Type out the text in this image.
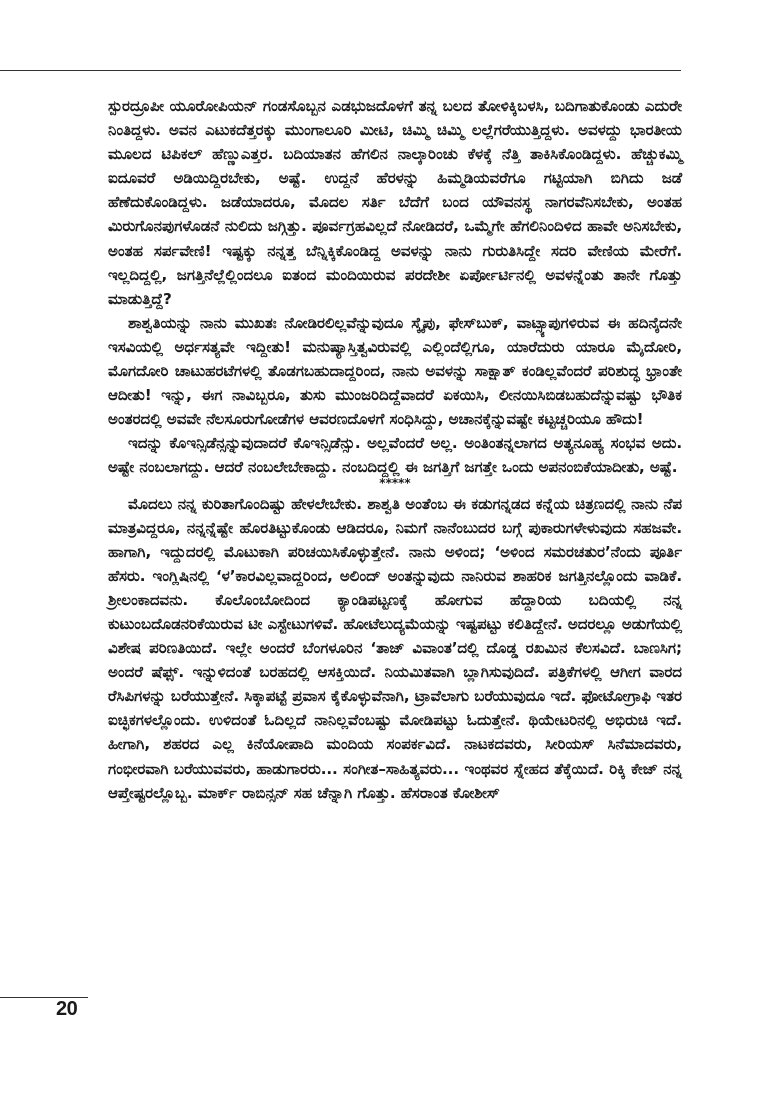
ಸ್ಪುರದ್ರೂಪೀ ಯೂರೋಪಿಯನ್ ಗಂಡಸೊಬ್ಬನ ಎಡಭುಜದೊಳಗೆ ತನ್ನ ಬಲದ ತೋಳಿಕ್ಕಿಬಳಸಿ, ಬದಿಗಾತುಕೊಂಡು ಎದುರೇ ನಿಂತಿದ್ದಳು. ಅವನ ಎಟುಕದೆತ್ತರಕ್ಕು ಮುಂಗಾಲೂರಿ ಮೀಟಿ, ಚಿಮ್ಮಿ ಚಿಮ್ಮಿ ಲಲ್ಲೆಗರೆಯುತ್ತಿದ್ದಳು. ಅವಳದ್ದು ಭಾರತೀಯ ಮೂಲದ ಟಿಪಿಕಲ್ ಹೆಣ್ಣುಎತ್ತರ. ಬದಿಯಾತನ ಹೆಗಲಿನ ನಾಲ್ಕಾರಿಂಚು ಕೆಳಕ್ಕೆ ನೆತ್ತಿ ತಾಕಿಸಿಕೊಂಡಿದ್ದಳು. ಹೆಚ್ಚುಕಮ್ಮಿ ಐದೂವರೆ ಅಡಿಯಿದ್ದಿರಬೇಕು, ಅಷ್ಟೆ. ಉದ್ದನೆ ಹೆರಳನ್ನು ಹಿಮ್ಮಡಿಯವರೆಗೂ ಗಟ್ಟಿಯಾಗಿ ಬಿಗಿದು ಜಡೆ ಹೆಣೆದುಕೊಂಡಿದ್ದಳು. ಜಡೆಯಾದರೂ, ಮೊದಲ ಸರ್ತಿ ಬೆದೆಗೆ ಬಂದ ಯೌವನಸ್ಥ ನಾಗರವೆನಿಸಬೇಕು, ಅಂತಹ ಮಿರುಗೊನಪುಗಳೊಡನೆ ನುಲಿದು ಜಗ್ಗಿತ್ತು. ಪೂರ್ವಗ್ರಹವಿಲ್ಲದೆ ನೋಡಿದರೆ, ಒಮ್ಮೆಗೇ ಹೆಗಲಿನಿಂದಿಳಿದ ಹಾವೇ ಅನಿಸಬೇಕು, ಅಂತಹ ಸರ್ಪವೇಣಿ! ಇಷ್ಟಕ್ಕು ನನ್ನತ್ತ ಬೆನ್ನಿಕ್ಕಿಕೊಂಡಿದ್ದ ಅವಳನ್ನು ನಾನು ಗುರುತಿಸಿದ್ದೇ ಸದರಿ ವೇಣಿಯ ಮೇರೆಗೆ. ಇಲ್ಲದಿದ್ದಲ್ಲಿ, ಜಗತ್ತಿನೆಲ್ಲೆಲ್ಲಿಂದಲೂ ಐತಂದ ಮಂದಿಯಿರುವ ಪರದೇಶೀ ಏರ್ಪೋರ್ಟಿನಲ್ಲಿ ಅವಳನ್ನೆಂತು ತಾನೇ ಗೊತ್ತು ಮಾಡುತ್ತಿದ್ದೆ?

ಶಾಶ್ವತಿಯನ್ನು ನಾನು ಮುಖತಃ ನೋಡಿರಲಿಲ್ಲವೆನ್ನುವುದೂ ಸ್ಕೈಪು, ಫೇಸ್‌ಬುಕ್, ವಾಟ್ಸ್ಯಾಪುಗಳಿರುವ ಈ ಹದಿನೈದನೇ ಇಸವಿಯಲ್ಲಿ ಅರ್ಧಸತ್ಯವೇ ಇದ್ದೀತು! ಮನುಷ್ಯಾಸ್ತಿತ್ವವಿರುವಲ್ಲಿ ಎಲ್ಲಿಂದೆಲ್ಲಿಗೂ, ಯಾರೆದುರು ಯಾರೂ ಮೈದೋರಿ, ಮೊಗದೋರಿ ಚಾಟುಹರಟೆಗಳಲ್ಲಿ ತೊಡಗಬಹುದಾದ್ದರಿಂದ, ನಾನು ಅವಳನ್ನು ಸಾಕ್ಷಾತ್ ಕಂಡಿಲ್ಲವೆಂದರೆ ಪರಿಶುದ್ಧ ಭ್ರಾಂತೇ ಆದೀತು! ಇನ್ನು, ಈಗ ನಾವಿಬ್ಬರೂ, ತುಸು ಮುಂಜರಿದಿದ್ದೆವಾದರೆ ಏಕಯಿಸಿ, ಲೀನಯಿಸಿಬಿಡಬಹುದೆನ್ನುವಷ್ಟು ಭೌತಿಕ ಅಂತರದಲ್ಲಿ ಅವವೇ ನೆಲಸೂರುಗೋಡೆಗಳ ಆವರಣದೊಳಗೆ ಸಂಧಿಸಿದ್ದು, ಅಚಾನಕ್ಕೆನ್ನುವಷ್ಟೇ ಕಟ್ಟಚ್ಚರಿಯೂ ಹೌದು!

ಇದನ್ನು ಕೊಇನ್ಸಿಡೆನ್ಸನ್ನುವುದಾದರೆ ಕೊಇನ್ಸಿಡೆನ್ಸು. ಅಲ್ಲವೆಂದರೆ ಅಲ್ಲ. ಅಂತಿಂತನ್ನಲಾಗದ ಅತ್ಯನೂಹ್ಯ ಸಂಭವ ಅದು. ಅಷ್ಟೇ ನಂಬಲಾಗದ್ದು. ಆದರೆ ನಂಬಲೇಬೇಕಾದ್ದು. ನಂಬದಿದ್ದಲ್ಲಿ ಈ ಜಗತ್ತಿಗೆ ಜಗತ್ತೇ ಒಂದು ಅಪನಂಬಿಕೆಯಾದೀತು, ಅಷ್ಟೆ.

*****

ಮೊದಲು ನನ್ನ ಕುರಿತಾಗೊಂದಿಷ್ಟು ಹೇಳಲೇಬೇಕು. ಶಾಶ್ವತಿ ಅಂತೆಂಬ ಈ ಕಡುಗನ್ನಡದ ಕನ್ನೆಯ ಚಿತ್ರಣದಲ್ಲಿ ನಾನು ನೆಪ ಮಾತ್ರವಿದ್ದರೂ, ನನ್ನನ್ನೆಷ್ಟೇ ಹೊರತಿಟ್ಟುಕೊಂಡು ಆಡಿದರೂ, ನಿಮಗೆ ನಾನೆಂಬುದರ ಬಗ್ಗೆ ಪುಕಾರುಗಳೇಳುವುದು ಸಹಜವೇ. ಹಾಗಾಗಿ, ಇದ್ದುದರಲ್ಲಿ ಮೊಟುಕಾಗಿ ಪರಿಚಯಿಸಿಕೊಳ್ಳುತ್ತೇನೆ. ನಾನು ಅಳಿಂದ; ‘ಅಳಿಂದ ಸಮರಚತುರ’ನೆಂದು ಪೂರ್ತಿ ಹೆಸರು. ಇಂಗ್ಲಿಷಿನಲ್ಲಿ ‘ಳ’ಕಾರವಿಲ್ಲವಾದ್ದರಿಂದ, ಅಲಿಂದ್ ಅಂತನ್ನುವುದು ನಾನಿರುವ ಶಾಹರಿಕ ಜಗತ್ತಿನಲ್ಲೊಂದು ವಾಡಿಕೆ. ಶ್ರೀಲಂಕಾದವನು. ಕೊಲೊಂಬೋದಿಂದ ಕ್ಯಾಂಡಿಪಟ್ಟಣಕ್ಕೆ ಹೋಗುವ ಹೆದ್ದಾರಿಯ ಬದಿಯಲ್ಲಿ ನನ್ನ ಕುಟುಂಬದೊಡನರಿಕೆಯಿರುವ ಟೀ ಎಸ್ಟೇಟುಗಳಿವೆ. ಹೋಟೆಲುದ್ಯಮೆಯನ್ನು ಇಷ್ಟಪಟ್ಟು ಕಲಿತಿದ್ದೇನೆ. ಅದರಲ್ಲೂ ಅಡುಗೆಯಲ್ಲಿ ವಿಶೇಷ ಪರಿಣತಿಯಿದೆ. ಇಲ್ಲೇ ಅಂದರೆ ಬೆಂಗಳೂರಿನ ‘ತಾಜ್ ವಿವಾಂತ’ದಲ್ಲಿ ದೊಡ್ಡ ರಖಮಿನ ಕೆಲಸವಿದೆ. ಬಾಣಸಿಗ; ಅಂದರೆ ಷೆಫ್ಸ್. ಇನ್ನುಳಿದಂತೆ ಬರಹದಲ್ಲಿ ಆಸಕ್ತಿಯಿದೆ. ನಿಯಮಿತವಾಗಿ ಬ್ಲಾಗಿಸುವುದಿದೆ. ಪತ್ರಿಕೆಗಳಲ್ಲಿ ಆಗೀಗ ವಾರದ ರೆಸಿಪಿಗಳನ್ನು ಬರೆಯುತ್ತೇನೆ. ಸಿಕ್ಕಾಪಟ್ಟೆ ಪ್ರವಾಸ ಕೈಕೊಳ್ಳುವೆನಾಗಿ, ಟ್ರಾವೆಲಾಗು ಬರೆಯುವುದೂ ಇದೆ. ಫೋಟೋಗ್ರಾಫಿ ಇತರ ಐಚ್ಛಿಕಗಳಲ್ಲೊಂದು. ಉಳಿದಂತೆ ಓದಿಲ್ಲದೆ ನಾನಿಲ್ಲವೆಂಬಷ್ಟು ಮೋಡಿಪಟ್ಟು ಓದುತ್ತೇನೆ. ಥಿಯೇಟರಿನಲ್ಲಿ ಅಭಿರುಚಿ ಇದೆ. ಹೀಗಾಗಿ, ಶಹರದ ಎಲ್ಲ ಕಿನೆಯೋಪಾದಿ ಮಂದಿಯ ಸಂಪರ್ಕವಿದೆ. ನಾಟಕದವರು, ಸೀರಿಯಸ್ ಸಿನೆಮಾದವರು, ಗಂಭೀರವಾಗಿ ಬರೆಯುವವರು, ಹಾಡುಗಾರರು... ಸಂಗೀತ–ಸಾಹಿತ್ಯವರು... ಇಂಥವರ ಸ್ನೇಹದ ತೆಕ್ಕೆಯಿದೆ. ರಿಕ್ಕಿ ಕೇಜ್ ನನ್ನ ಆಪ್ತೇಷ್ಟರಲ್ಲೊಬ್ಬ. ಮಾರ್ಕ್ ರಾಬಿನ್ಸನ್ ಸಹ ಚೆನ್ನಾಗಿ ಗೊತ್ತು. ಹೆಸರಾಂತ ಕೋಶೀಸ್

20
